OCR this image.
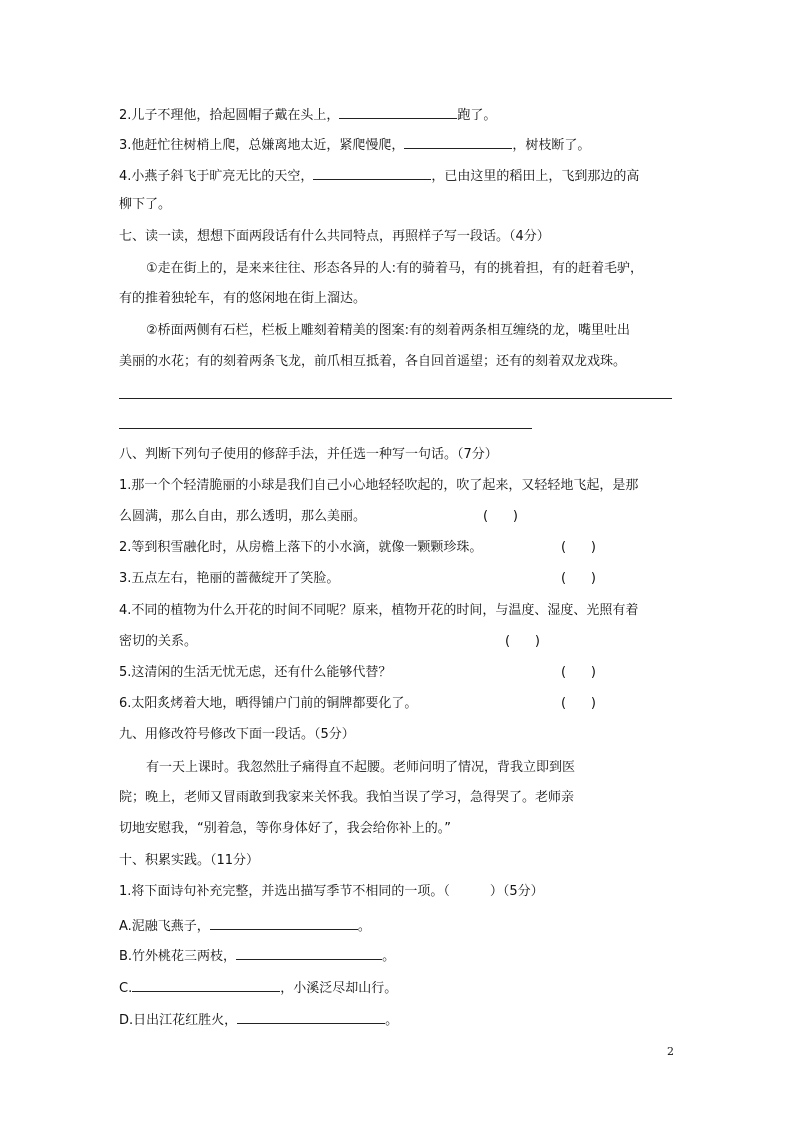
2.儿子不理他，拾起圆帽子戴在头上，	跑了。
3.他赶忙往树梢上爬，总嫌离地太近，紧爬慢爬，	，树枝断了。
4.小燕子斜飞于旷亮无比的天空，	，已由这里的稻田上，飞到那边的高
柳下了。
七、读一读，想想下面两段话有什么共同特点，再照样子写一段话。（4分）
①走在街上的，是来来往往、形态各异的人:有的骑着马，有的挑着担，有的赶着毛驴，
有的推着独轮车，有的悠闲地在街上溜达。
②桥面两侧有石栏，栏板上雕刻着精美的图案:有的刻着两条相互缠绕的龙，嘴里吐出
美丽的水花；有的刻着两条飞龙，前爪相互抵着，各自回首遥望；还有的刻着双龙戏珠。
八、判断下列句子使用的修辞手法，并任选一种写一句话。（7分）
1.那一个个轻清脆丽的小球是我们自己小心地轻轻吹起的，吹了起来，又轻轻地飞起，是那
么圆满，那么自由，那么透明，那么美丽。	(      )
2.等到积雪融化时，从房檐上落下的小水滴，就像一颗颗珍珠。	(      )
3.五点左右，艳丽的蔷薇绽开了笑脸。	(      )
4.不同的植物为什么开花的时间不同呢？原来，植物开花的时间，与温度、湿度、光照有着
密切的关系。	(      )
5.这清闲的生活无忧无虑，还有什么能够代替？	(      )
6.太阳炙烤着大地，晒得铺户门前的铜牌都要化了。	(      )
九、用修改符号修改下面一段话。（5分）
有一天上课时。我忽然肚子痛得直不起腰。老师问明了情况，背我立即到医
院；晚上，老师又冒雨敢到我家来关怀我。我怕当误了学习，急得哭了。老师亲
切地安慰我，“别着急，等你身体好了，我会给你补上的。”
十、积累实践。（11分）
1.将下面诗句补充完整，并选出描写季节不相同的一项。（	）（5分）
A.泥融飞燕子，	。
B.竹外桃花三两枝，	。
C.	，小溪泛尽却山行。
D.日出江花红胜火，	。
2
